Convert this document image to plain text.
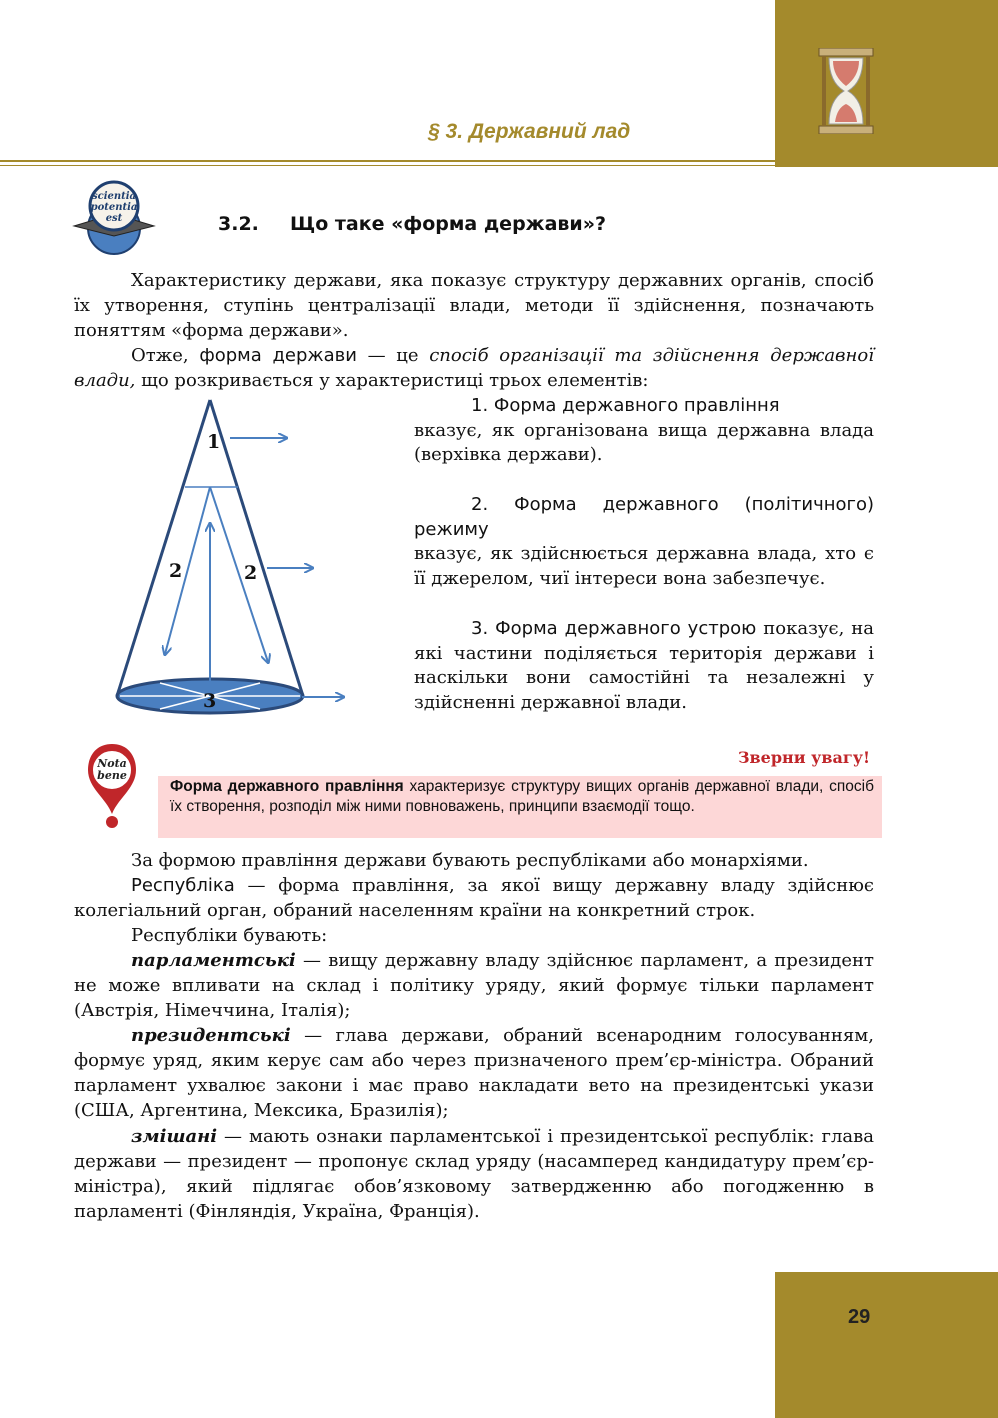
§ 3. Державний лад
scientia
potentia
est	3.2. Що таке «форма держави»?

Характеристику держави, яка показує структуру державних органів, спосіб їх утворення, ступінь централізації влади, методи її здійснення, позначають поняттям «форма держави».

Отже, форма держави — це спосіб організації та здійснення державної влади, що розкривається у характеристиці трьох елементів:

1
2	2
3

1. Форма державного правління
вказує, як організована вища державна влада (верхівка держави).

2. Форма державного (політичного) режиму
вказує, як здійснюється державна влада, хто є її джерелом, чиї інтереси вона забезпечує.

3. Форма державного устрою показує, на які частини поділяється територія держави і наскільки вони самостійні та незалежні у здійсненні державної влади.

Nota
bene
Зверни увагу!
Форма державного правління характеризує структуру вищих органів державної влади, спосіб їх створення, розподіл між ними повноважень, принципи взаємодії тощо.

За формою правління держави бувають республіками або монархіями.

Республіка — форма правління, за якої вищу державну владу здійснює колегіальний орган, обраний населенням країни на конкретний строк.

Республіки бувають:

парламентські — вищу державну владу здійснює парламент, а президент не може впливати на склад і політику уряду, який формує тільки парламент (Австрія, Німеччина, Італія);

президентські — глава держави, обраний всенародним голосуванням, формує уряд, яким керує сам або через призначеного прем’єр-міністра. Обраний парламент ухвалює закони і має право накладати вето на президентські укази (США, Аргентина, Мексика, Бразилія);

змішані — мають ознаки парламентської і президентської республік: глава держави — президент — пропонує склад уряду (насамперед кандидатуру прем’єр-міністра), який підлягає обов’язковому затвердженню або погодженню в парламенті (Фінляндія, Україна, Франція).

29
